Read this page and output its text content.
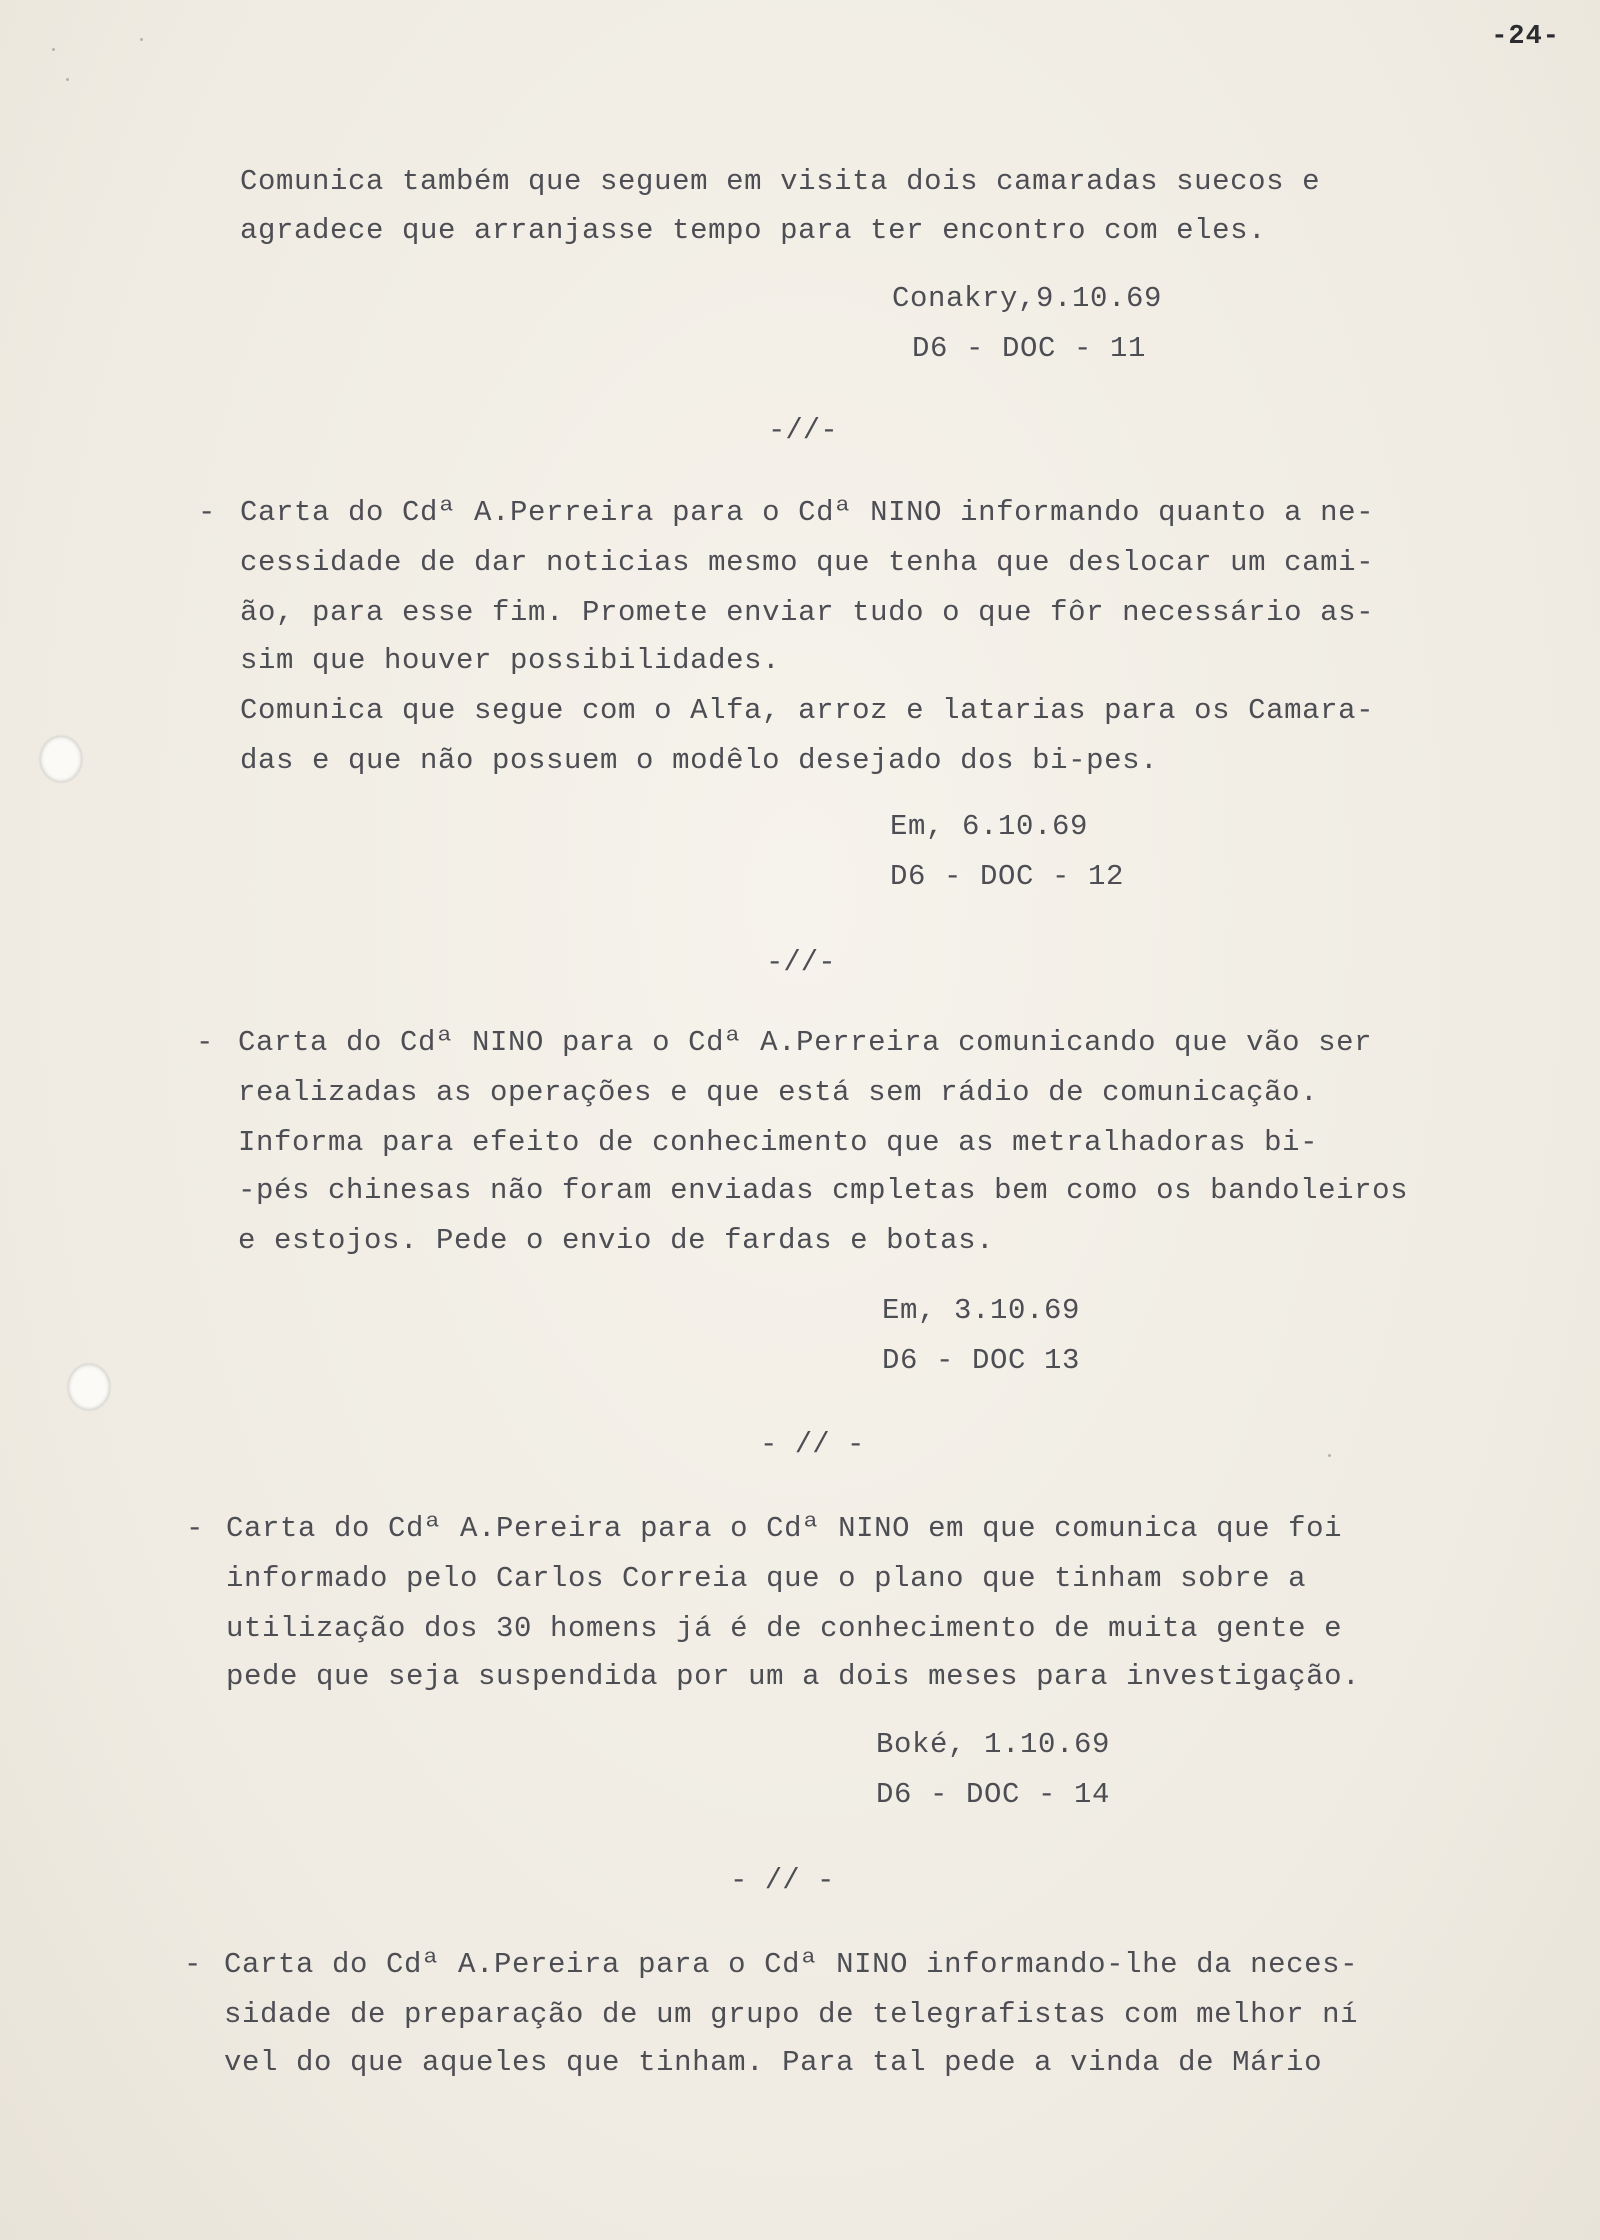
-24-
Comunica também que seguem em visita dois camaradas suecos e
agradece que arranjasse tempo para ter encontro com eles.
Conakry,9.10.69
D6 - DOC - 11
-//-
- Carta do Cdª A.Perreira para o Cdª NINO informando quanto a ne-
cessidade de dar noticias mesmo que tenha que deslocar um cami-
ão, para esse fim. Promete enviar tudo o que fôr necessário as-
sim que houver possibilidades.
Comunica que segue com o Alfa, arroz e latarias para os Camara-
das e que não possuem o modêlo desejado dos bi-pes.
Em, 6.10.69
D6 - DOC - 12
-//-
- Carta do Cdª NINO para o Cdª A.Perreira comunicando que vão ser
realizadas as operações e que está sem rádio de comunicação.
Informa para efeito de conhecimento que as metralhadoras bi-
-pés chinesas não foram enviadas cmpletas bem como os bandoleiros
e estojos. Pede o envio de fardas e botas.
Em, 3.10.69
D6 - DOC 13
- // -
- Carta do Cdª A.Pereira para o Cdª NINO em que comunica que foi
informado pelo Carlos Correia que o plano que tinham sobre a
utilização dos 30 homens já é de conhecimento de muita gente e
pede que seja suspendida por um a dois meses para investigação.
Boké, 1.10.69
D6 - DOC - 14
- // -
- Carta do Cdª A.Pereira para o Cdª NINO informando-lhe da neces-
sidade de preparação de um grupo de telegrafistas com melhor ní
vel do que aqueles que tinham. Para tal pede a vinda de Mário
